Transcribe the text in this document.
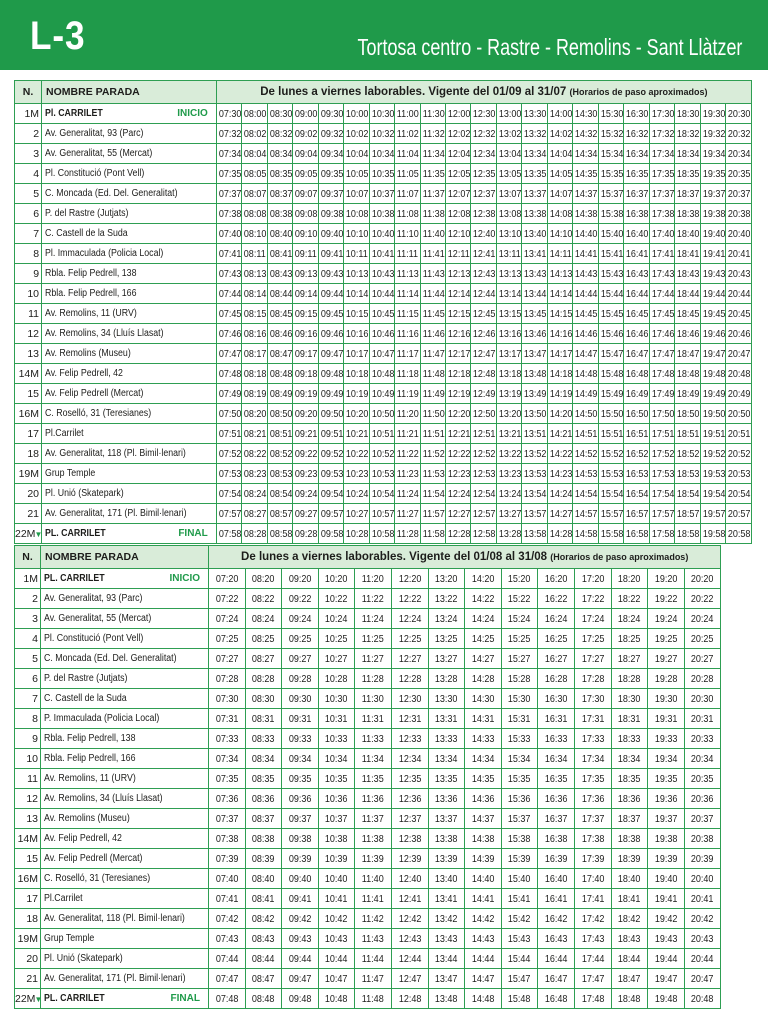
L-3	Tortosa centro - Rastre - Remolins - Sant Llàtzer
N.	NOMBRE PARADA	De lunes a viernes laborables. Vigente del 01/09 al 31/07 (Horarios de paso aproximados)																				
1M	Pl. CARRILET INICIO	07:30	08:00	08:30	09:00	09:30	10:00	10:30	11:00	11:30	12:00	12:30	13:00	13:30	14:00	14:30	15:30	16:30	17:30	18:30	19:30	20:30
2	Av. Generalitat, 93 (Parc)	07:32	08:02	08:32	09:02	09:32	10:02	10:32	11:02	11:32	12:02	12:32	13:02	13:32	14:02	14:32	15:32	16:32	17:32	18:32	19:32	20:32
3	Av. Generalitat, 55 (Mercat)	07:34	08:04	08:34	09:04	09:34	10:04	10:34	11:04	11:34	12:04	12:34	13:04	13:34	14:04	14:34	15:34	16:34	17:34	18:34	19:34	20:34
4	Pl. Constitució (Pont Vell)	07:35	08:05	08:35	09:05	09:35	10:05	10:35	11:05	11:35	12:05	12:35	13:05	13:35	14:05	14:35	15:35	16:35	17:35	18:35	19:35	20:35
5	C. Moncada (Ed. Del. Generalitat)	07:37	08:07	08:37	09:07	09:37	10:07	10:37	11:07	11:37	12:07	12:37	13:07	13:37	14:07	14:37	15:37	16:37	17:37	18:37	19:37	20:37
6	P. del Rastre (Jutjats)	07:38	08:08	08:38	09:08	09:38	10:08	10:38	11:08	11:38	12:08	12:38	13:08	13:38	14:08	14:38	15:38	16:38	17:38	18:38	19:38	20:38
7	C. Castell de la Suda	07:40	08:10	08:40	09:10	09:40	10:10	10:40	11:10	11:40	12:10	12:40	13:10	13:40	14:10	14:40	15:40	16:40	17:40	18:40	19:40	20:40
8	Pl. Immaculada (Policia Local)	07:41	08:11	08:41	09:11	09:41	10:11	10:41	11:11	11:41	12:11	12:41	13:11	13:41	14:11	14:41	15:41	16:41	17:41	18:41	19:41	20:41
9	Rbla. Felip Pedrell, 138	07:43	08:13	08:43	09:13	09:43	10:13	10:43	11:13	11:43	12:13	12:43	13:13	13:43	14:13	14:43	15:43	16:43	17:43	18:43	19:43	20:43
10	Rbla. Felip Pedrell, 166	07:44	08:14	08:44	09:14	09:44	10:14	10:44	11:14	11:44	12:14	12:44	13:14	13:44	14:14	14:44	15:44	16:44	17:44	18:44	19:44	20:44
11	Av. Remolins, 11 (URV)	07:45	08:15	08:45	09:15	09:45	10:15	10:45	11:15	11:45	12:15	12:45	13:15	13:45	14:15	14:45	15:45	16:45	17:45	18:45	19:45	20:45
12	Av. Remolins, 34 (Lluís Llasat)	07:46	08:16	08:46	09:16	09:46	10:16	10:46	11:16	11:46	12:16	12:46	13:16	13:46	14:16	14:46	15:46	16:46	17:46	18:46	19:46	20:46
13	Av. Remolins (Museu)	07:47	08:17	08:47	09:17	09:47	10:17	10:47	11:17	11:47	12:17	12:47	13:17	13:47	14:17	14:47	15:47	16:47	17:47	18:47	19:47	20:47
14M	Av. Felip Pedrell, 42	07:48	08:18	08:48	09:18	09:48	10:18	10:48	11:18	11:48	12:18	12:48	13:18	13:48	14:18	14:48	15:48	16:48	17:48	18:48	19:48	20:48
15	Av. Felip Pedrell (Mercat)	07:49	08:19	08:49	09:19	09:49	10:19	10:49	11:19	11:49	12:19	12:49	13:19	13:49	14:19	14:49	15:49	16:49	17:49	18:49	19:49	20:49
16M	C. Roselló, 31 (Teresianes)	07:50	08:20	08:50	09:20	09:50	10:20	10:50	11:20	11:50	12:20	12:50	13:20	13:50	14:20	14:50	15:50	16:50	17:50	18:50	19:50	20:50
17	Pl.Carrilet	07:51	08:21	08:51	09:21	09:51	10:21	10:51	11:21	11:51	12:21	12:51	13:21	13:51	14:21	14:51	15:51	16:51	17:51	18:51	19:51	20:51
18	Av. Generalitat, 118 (Pl. Bimil·lenari)	07:52	08:22	08:52	09:22	09:52	10:22	10:52	11:22	11:52	12:22	12:52	13:22	13:52	14:22	14:52	15:52	16:52	17:52	18:52	19:52	20:52
19M	Grup Temple	07:53	08:23	08:53	09:23	09:53	10:23	10:53	11:23	11:53	12:23	12:53	13:23	13:53	14:23	14:53	15:53	16:53	17:53	18:53	19:53	20:53
20	Pl. Unió (Skatepark)	07:54	08:24	08:54	09:24	09:54	10:24	10:54	11:24	11:54	12:24	12:54	13:24	13:54	14:24	14:54	15:54	16:54	17:54	18:54	19:54	20:54
21	Av. Generalitat, 171 (Pl. Bimil·lenari)	07:57	08:27	08:57	09:27	09:57	10:27	10:57	11:27	11:57	12:27	12:57	13:27	13:57	14:27	14:57	15:57	16:57	17:57	18:57	19:57	20:57
22M▼	PL. CARRILET FINAL	07:58	08:28	08:58	09:28	09:58	10:28	10:58	11:28	11:58	12:28	12:58	13:28	13:58	14:28	14:58	15:58	16:58	17:58	18:58	19:58	20:58
N.	NOMBRE PARADA	De lunes a viernes laborables. Vigente del 01/08 al 31/08 (Horarios de paso aproximados)													
1M	PL. CARRILET INICIO	07:20	08:20	09:20	10:20	11:20	12:20	13:20	14:20	15:20	16:20	17:20	18:20	19:20	20:20
2	Av. Generalitat, 93 (Parc)	07:22	08:22	09:22	10:22	11:22	12:22	13:22	14:22	15:22	16:22	17:22	18:22	19:22	20:22
3	Av. Generalitat, 55 (Mercat)	07:24	08:24	09:24	10:24	11:24	12:24	13:24	14:24	15:24	16:24	17:24	18:24	19:24	20:24
4	Pl. Constitució (Pont Vell)	07:25	08:25	09:25	10:25	11:25	12:25	13:25	14:25	15:25	16:25	17:25	18:25	19:25	20:25
5	C. Moncada (Ed. Del. Generalitat)	07:27	08:27	09:27	10:27	11:27	12:27	13:27	14:27	15:27	16:27	17:27	18:27	19:27	20:27
6	P. del Rastre (Jutjats)	07:28	08:28	09:28	10:28	11:28	12:28	13:28	14:28	15:28	16:28	17:28	18:28	19:28	20:28
7	C. Castell de la Suda	07:30	08:30	09:30	10:30	11:30	12:30	13:30	14:30	15:30	16:30	17:30	18:30	19:30	20:30
8	P. Immaculada (Policia Local)	07:31	08:31	09:31	10:31	11:31	12:31	13:31	14:31	15:31	16:31	17:31	18:31	19:31	20:31
9	Rbla. Felip Pedrell, 138	07:33	08:33	09:33	10:33	11:33	12:33	13:33	14:33	15:33	16:33	17:33	18:33	19:33	20:33
10	Rbla. Felip Pedrell, 166	07:34	08:34	09:34	10:34	11:34	12:34	13:34	14:34	15:34	16:34	17:34	18:34	19:34	20:34
11	Av. Remolins, 11 (URV)	07:35	08:35	09:35	10:35	11:35	12:35	13:35	14:35	15:35	16:35	17:35	18:35	19:35	20:35
12	Av. Remolins, 34 (Lluís Llasat)	07:36	08:36	09:36	10:36	11:36	12:36	13:36	14:36	15:36	16:36	17:36	18:36	19:36	20:36
13	Av. Remolins (Museu)	07:37	08:37	09:37	10:37	11:37	12:37	13:37	14:37	15:37	16:37	17:37	18:37	19:37	20:37
14M	Av. Felip Pedrell, 42	07:38	08:38	09:38	10:38	11:38	12:38	13:38	14:38	15:38	16:38	17:38	18:38	19:38	20:38
15	Av. Felip Pedrell (Mercat)	07:39	08:39	09:39	10:39	11:39	12:39	13:39	14:39	15:39	16:39	17:39	18:39	19:39	20:39
16M	C. Roselló, 31 (Teresianes)	07:40	08:40	09:40	10:40	11:40	12:40	13:40	14:40	15:40	16:40	17:40	18:40	19:40	20:40
17	Pl.Carrilet	07:41	08:41	09:41	10:41	11:41	12:41	13:41	14:41	15:41	16:41	17:41	18:41	19:41	20:41
18	Av. Generalitat, 118 (Pl. Bimil·lenari)	07:42	08:42	09:42	10:42	11:42	12:42	13:42	14:42	15:42	16:42	17:42	18:42	19:42	20:42
19M	Grup Temple	07:43	08:43	09:43	10:43	11:43	12:43	13:43	14:43	15:43	16:43	17:43	18:43	19:43	20:43
20	Pl. Unió (Skatepark)	07:44	08:44	09:44	10:44	11:44	12:44	13:44	14:44	15:44	16:44	17:44	18:44	19:44	20:44
21	Av. Generalitat, 171 (Pl. Bimil·lenari)	07:47	08:47	09:47	10:47	11:47	12:47	13:47	14:47	15:47	16:47	17:47	18:47	19:47	20:47
22M▼	PL. CARRILET FINAL	07:48	08:48	09:48	10:48	11:48	12:48	13:48	14:48	15:48	16:48	17:48	18:48	19:48	20:48
